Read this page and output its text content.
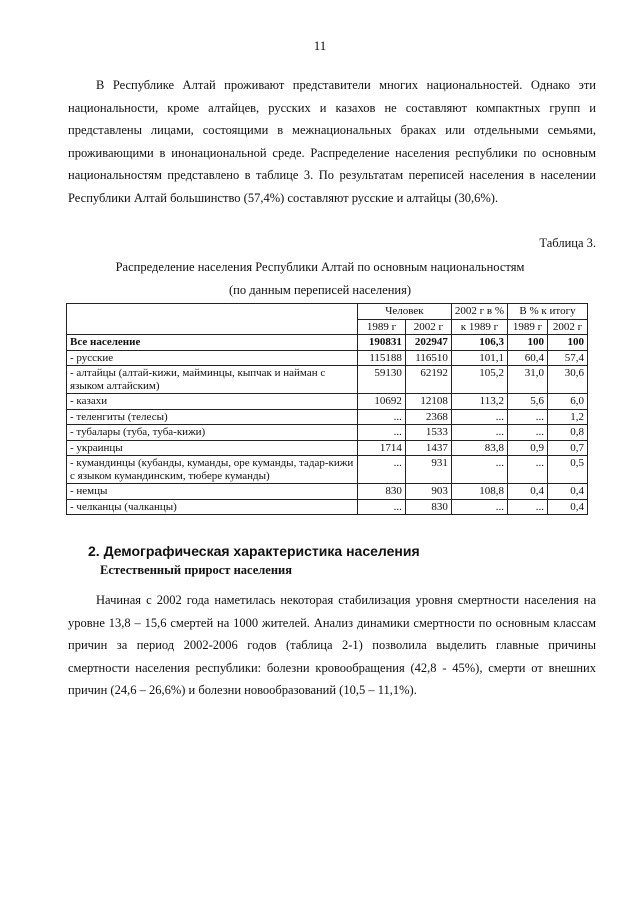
11
В Республике Алтай проживают представители многих национальностей. Однако эти национальности, кроме алтайцев, русских и казахов не составляют компактных групп и представлены лицами, состоящими в межнациональных браках или отдельными семьями, проживающими в инонациональной среде. Распределение населения республики по основным национальностям представлено в таблице 3. По результатам переписей населения в населении Республики Алтай большинство (57,4%) составляют русские и алтайцы (30,6%).
Таблица 3.
Распределение населения Республики Алтай по основным национальностям
(по данным переписей населения)
	Человек		2002 г в %	В % к итогу	
	1989 г	2002 г	к 1989 г	1989 г	2002 г
Все население	190831	202947	106,3	100	100
- русские	115188	116510	101,1	60,4	57,4
- алтайцы (алтай-кижи, майминцы, кыпчак и найман с языком алтайским)	59130	62192	105,2	31,0	30,6
- казахи	10692	12108	113,2	5,6	6,0
- теленгиты (телесы)	...	2368	...	...	1,2
- тубалары (туба, туба-кижи)	...	1533	...	...	0,8
- украинцы	1714	1437	83,8	0,9	0,7
- кумандинцы (кубанды, куманды, оре куманды, тадар-кижи с языком кумандинским, тюбере куманды)	...	931	...	...	0,5
- немцы	830	903	108,8	0,4	0,4
- челканцы (чалканцы)	...	830	...	...	0,4
2. Демографическая характеристика населения
Естественный прирост населения
Начиная с 2002 года наметилась некоторая стабилизация уровня смертности населения на уровне 13,8 – 15,6 смертей на 1000 жителей. Анализ динамики смертности по основным классам причин за период 2002-2006 годов (таблица 2-1) позволила выделить главные причины смертности населения республики: болезни кровообращения (42,8 - 45%), смерти от внешних причин (24,6 – 26,6%) и болезни новообразований (10,5 – 11,1%).
